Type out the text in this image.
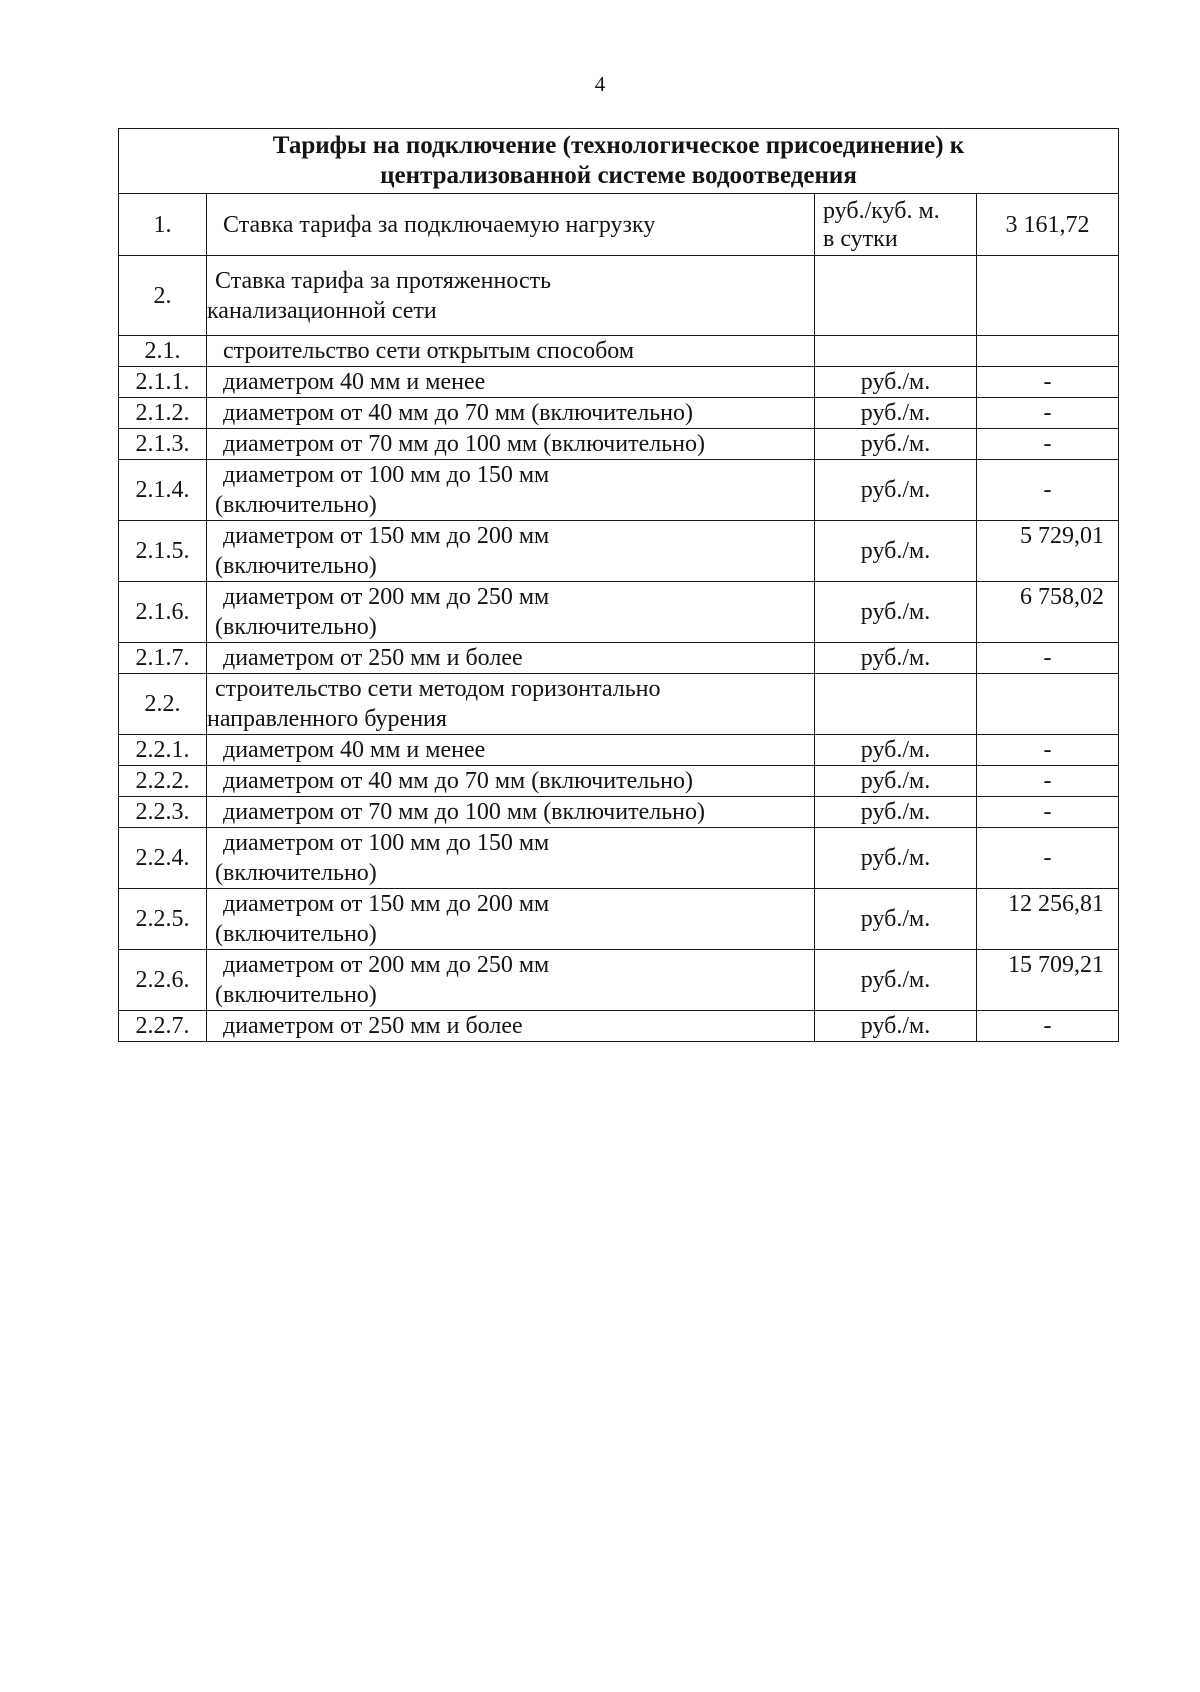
4
Тарифы на подключение (технологическое присоединение) к
централизованной системе водоотведения			
1.	Ставка тарифа за подключаемую нагрузку	руб./куб. м.
в сутки	3 161,72
2.	Ставка тарифа за протяженность
канализационной сети		
2.1.	строительство сети открытым способом		
2.1.1.	диаметром 40 мм и менее	руб./м.	-
2.1.2.	диаметром от 40 мм до 70 мм (включительно)	руб./м.	-
2.1.3.	диаметром от 70 мм до 100 мм (включительно)	руб./м.	-
2.1.4.	диаметром от 100 мм до 150 мм
(включительно)	руб./м.	-
2.1.5.	диаметром от 150 мм до 200 мм
(включительно)	руб./м.	5 729,01
2.1.6.	диаметром от 200 мм до 250 мм
(включительно)	руб./м.	6 758,02
2.1.7.	диаметром от 250 мм и более	руб./м.	-
2.2.	строительство сети методом горизонтально
направленного бурения		
2.2.1.	диаметром 40 мм и менее	руб./м.	-
2.2.2.	диаметром от 40 мм до 70 мм (включительно)	руб./м.	-
2.2.3.	диаметром от 70 мм до 100 мм (включительно)	руб./м.	-
2.2.4.	диаметром от 100 мм до 150 мм
(включительно)	руб./м.	-
2.2.5.	диаметром от 150 мм до 200 мм
(включительно)	руб./м.	12 256,81
2.2.6.	диаметром от 200 мм до 250 мм
(включительно)	руб./м.	15 709,21
2.2.7.	диаметром от 250 мм и более	руб./м.	-
